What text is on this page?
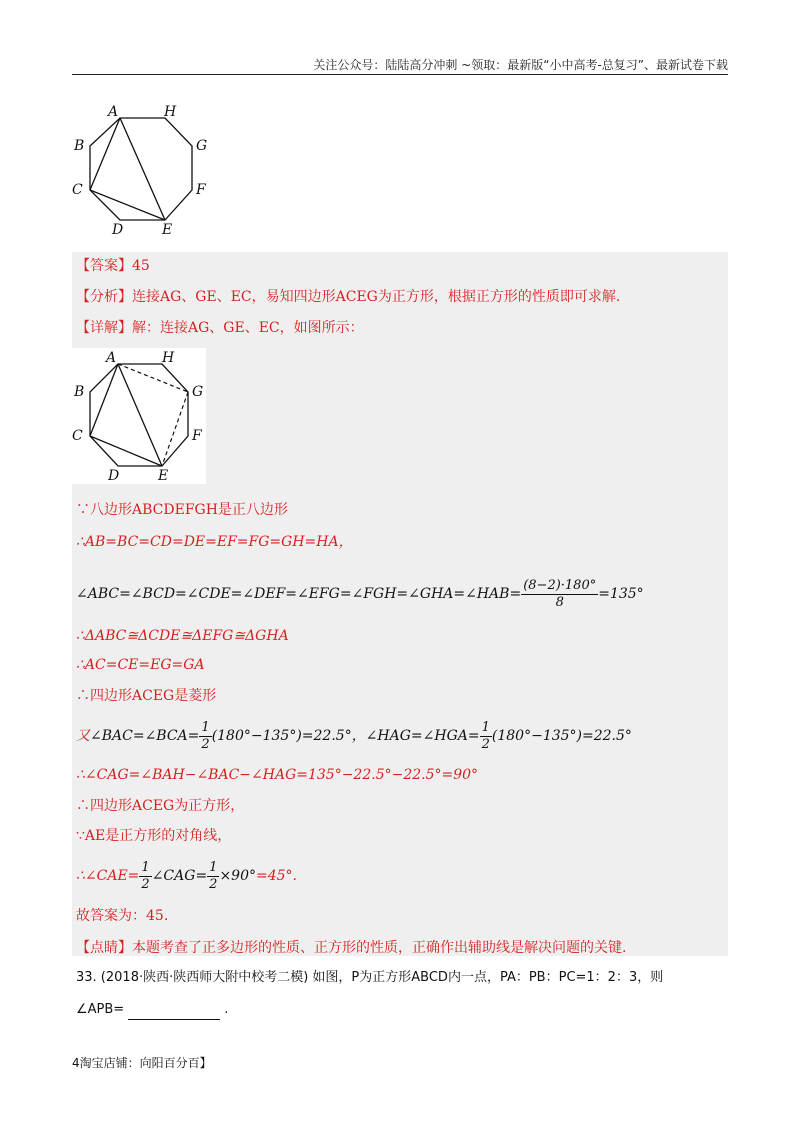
关注公众号：陆陆高分冲刺 ~领取：最新版“小中高考-总复习”、最新试卷下载
A	H
G
F
E
D
C
B
【答案】45
【分析】连接AG、GE、EC，易知四边形ACEG为正方形，根据正方形的性质即可求解.
【详解】解：连接AG、GE、EC，如图所示：
A	H
G
F
E
D
C
B
∵八边形ABCDEFGH是正八边形
∴AB=BC=CD=DE=EF=FG=GH=HA，
∠ABC=∠BCD=∠CDE=∠DEF=∠EFG=∠FGH=∠GHA=∠HAB= $\frac{(8-2)\cdot 180^\circ}{8} =135^\circ$
∴ΔABC≅ΔCDE≅ΔEFG≅ΔGHA
∴AC=CE=EG=GA
∴四边形ACEG是菱形
又∠BAC=∠BCA= $\frac{1}{2} (180^\circ-135^\circ)=22.5^\circ$，∠HAG=∠HGA= $\frac{1}{2} (180^\circ-135^\circ)=22.5^\circ$
∴∠CAG=∠BAH−∠BAC−∠HAG=135°−22.5°−22.5°=90°
∴四边形ACEG为正方形，
∵AE是正方形的对角线，
∴∠CAE= $\frac{1}{2}$ ∠CAG= $\frac{1}{2} \times 90^\circ=45^\circ$.
故答案为：45.
【点睛】本题考查了正多边形的性质、正方形的性质，正确作出辅助线是解决问题的关键.
33. (2018·陕西·陕西师大附中校考二模) 如图，P为正方形ABCD内一点，PA：PB：PC=1：2：3，则
∠APB=	.
4淘宝店铺：向阳百分百】
